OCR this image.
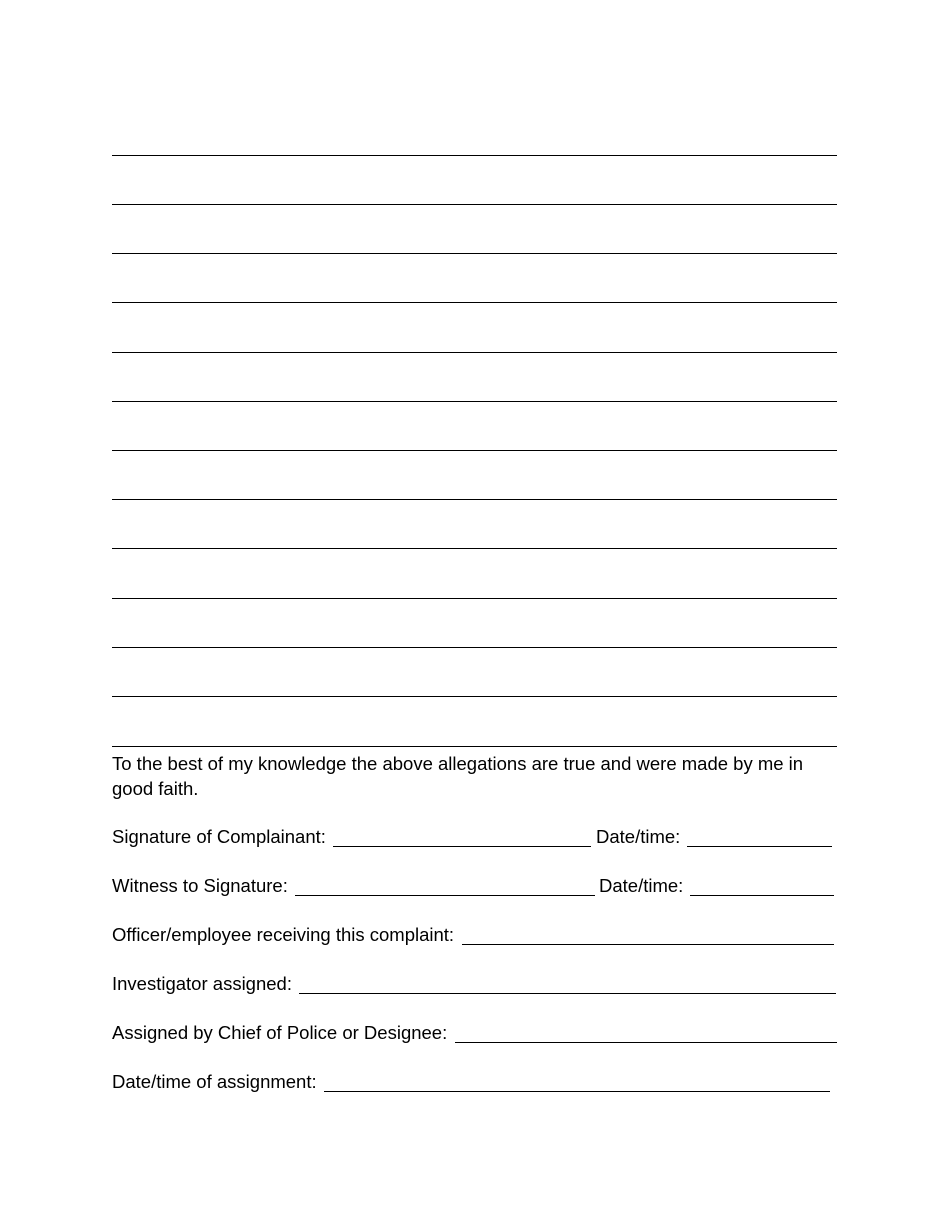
To the best of my knowledge the above allegations are true and were made by me in good faith.
Signature of Complainant:	Date/time:
Witness to Signature:	Date/time:
Officer/employee receiving this complaint:
Investigator assigned:
Assigned by Chief of Police or Designee:
Date/time of assignment:
